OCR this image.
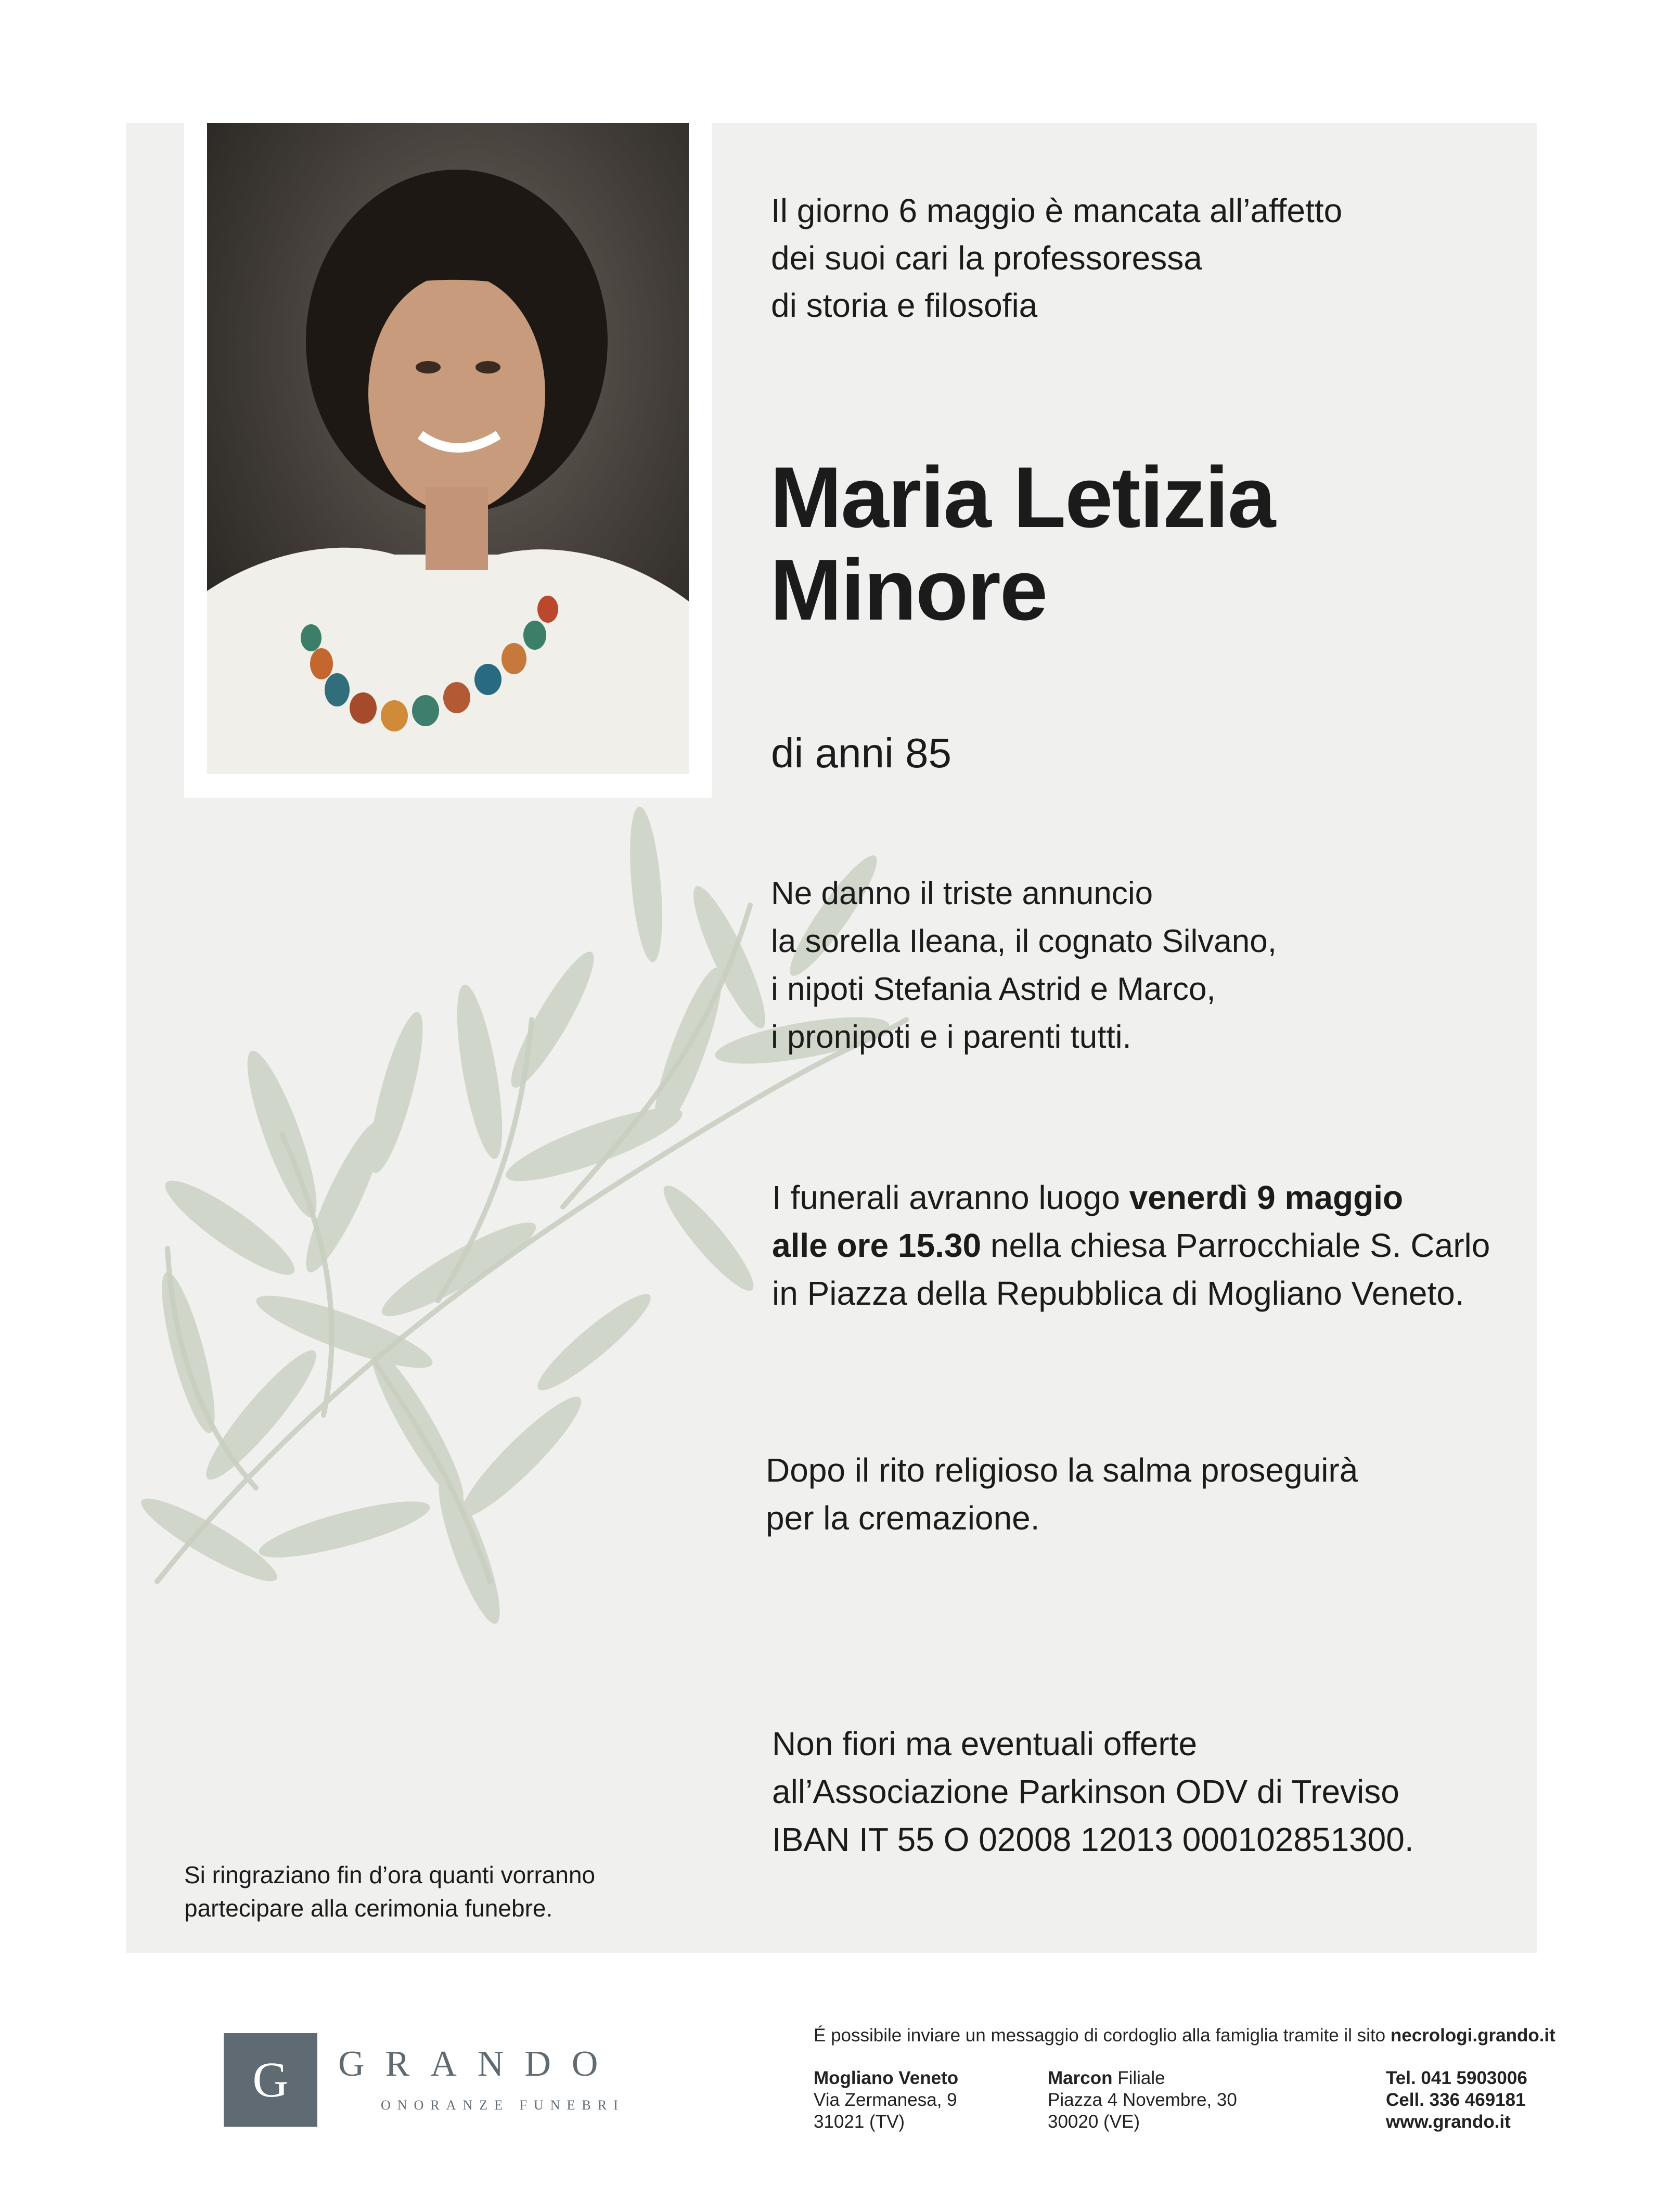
Il giorno 6 maggio è mancata all’affetto
dei suoi cari la professoressa
di storia e filosofia

Maria Letizia
Minore

di anni 85

Ne danno il triste annuncio
la sorella Ileana, il cognato Silvano,
i nipoti Stefania Astrid e Marco,
i pronipoti e i parenti tutti.

I funerali avranno luogo venerdì 9 maggio
alle ore 15.30 nella chiesa Parrocchiale S. Carlo
in Piazza della Repubblica di Mogliano Veneto.

Dopo il rito religioso la salma proseguirà
per la cremazione.

Non fiori ma eventuali offerte
all’Associazione Parkinson ODV di Treviso
IBAN IT 55 O 02008 12013 000102851300.

Si ringraziano fin d’ora quanti vorranno
partecipare alla cerimonia funebre.

G	GRANDO
ONORANZE FUNEBRI
É possibile inviare un messaggio di cordoglio alla famiglia tramite il sito necrologi.grando.it
Mogliano Veneto
Via Zermanesa, 9
31021 (TV)
Marcon Filiale
Piazza 4 Novembre, 30
30020 (VE)
Tel. 041 5903006
Cell. 336 469181
www.grando.it
